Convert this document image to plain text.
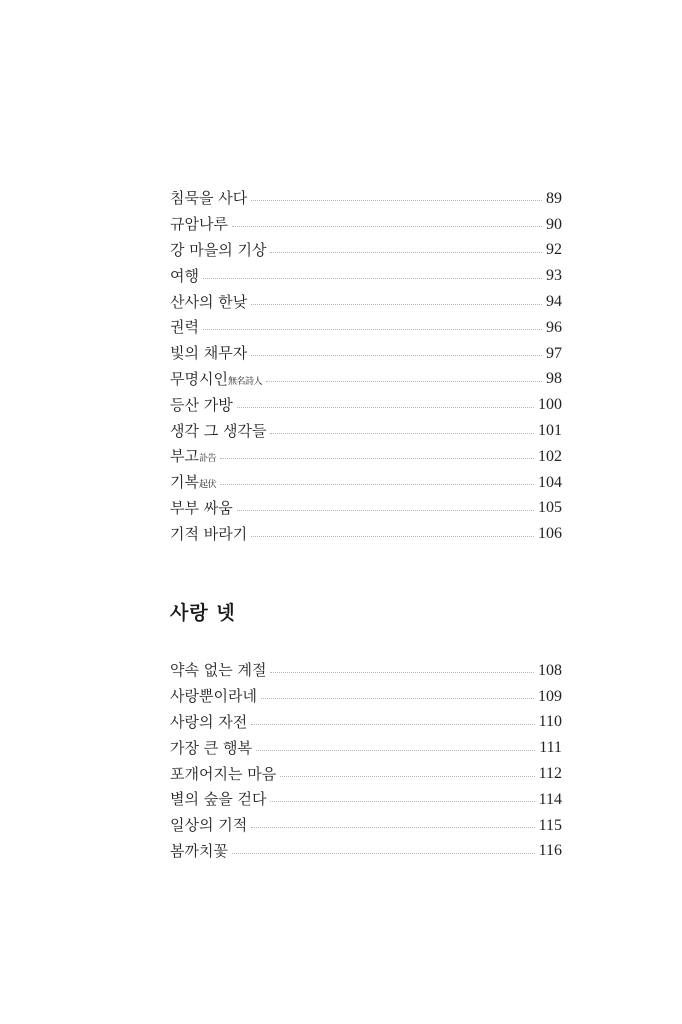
침묵을 사다	89
규암나루	90
강 마을의 기상	92
여행	93
산사의 한낮	94
권력	96
빛의 채무자	97
무명시인無名詩人	98
등산 가방	100
생각 그 생각들	101
부고訃告	102
기복起伏	104
부부 싸움	105
기적 바라기	106
사랑 넷
약속 없는 계절	108
사랑뿐이라네	109
사랑의 자전	110
가장 큰 행복	111
포개어지는 마음	112
별의 숲을 걷다	114
일상의 기적	115
봄까치꽃	116
